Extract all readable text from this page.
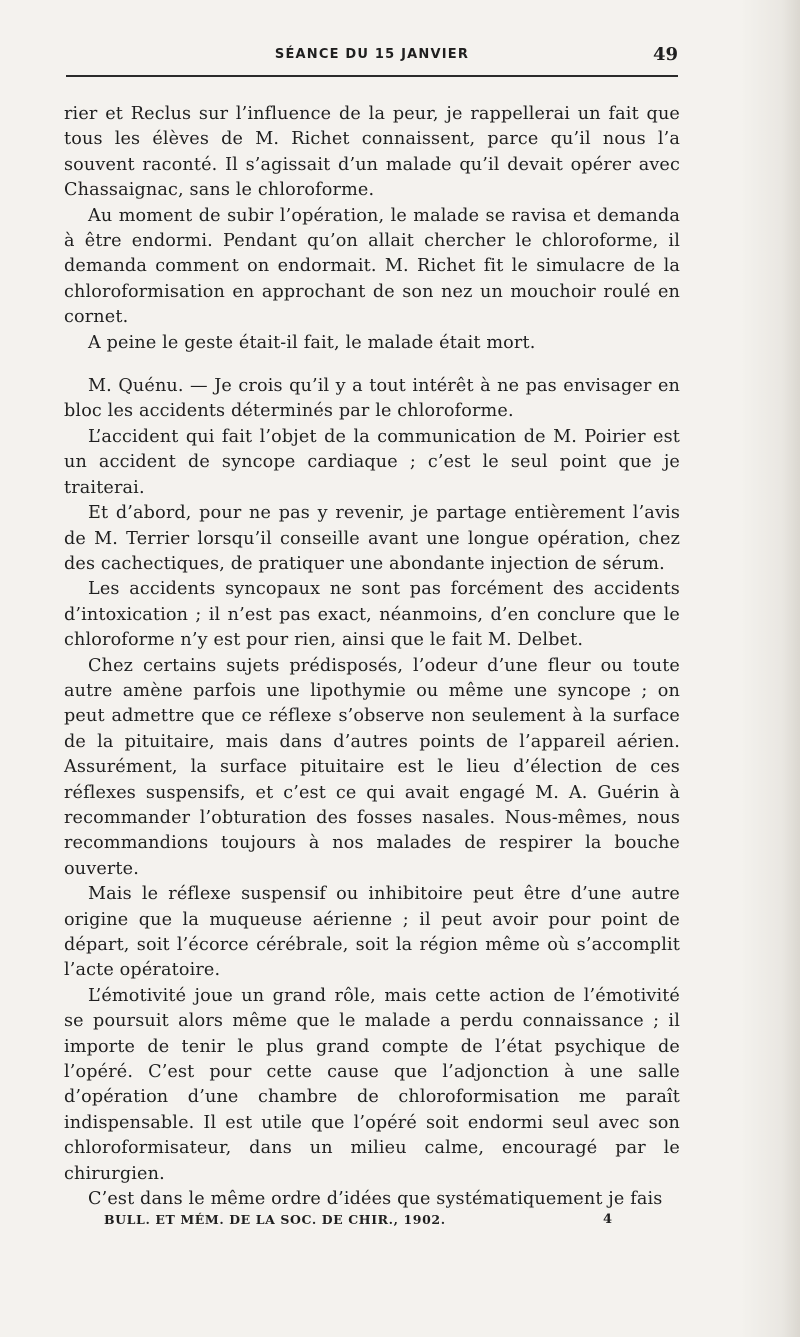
SÉANCE DU 15 JANVIER	49

rier et Reclus sur l’influence de la peur, je rappellerai un fait que tous les élèves de M. Richet connaissent, parce qu’il nous l’a souvent raconté. Il s’agissait d’un malade qu’il devait opérer avec Chassaignac, sans le chloroforme.

Au moment de subir l’opération, le malade se ravisa et demanda à être endormi. Pendant qu’on allait chercher le chloroforme, il demanda comment on endormait. M. Richet fit le simulacre de la chloroformisation en approchant de son nez un mouchoir roulé en cornet.

A peine le geste était-il fait, le malade était mort.

M. Quénu. — Je crois qu’il y a tout intérêt à ne pas envisager en bloc les accidents déterminés par le chloroforme.

L’accident qui fait l’objet de la communication de M. Poirier est un accident de syncope cardiaque ; c’est le seul point que je traiterai.

Et d’abord, pour ne pas y revenir, je partage entièrement l’avis de M. Terrier lorsqu’il conseille avant une longue opération, chez des cachectiques, de pratiquer une abondante injection de sérum.

Les accidents syncopaux ne sont pas forcément des accidents d’intoxication ; il n’est pas exact, néanmoins, d’en conclure que le chloroforme n’y est pour rien, ainsi que le fait M. Delbet.

Chez certains sujets prédisposés, l’odeur d’une fleur ou toute autre amène parfois une lipothymie ou même une syncope ; on peut admettre que ce réflexe s’observe non seulement à la surface de la pituitaire, mais dans d’autres points de l’appareil aérien. Assurément, la surface pituitaire est le lieu d’élection de ces réflexes suspensifs, et c’est ce qui avait engagé M. A. Guérin à recommander l’obturation des fosses nasales. Nous-mêmes, nous recommandions toujours à nos malades de respirer la bouche ouverte.

Mais le réflexe suspensif ou inhibitoire peut être d’une autre origine que la muqueuse aérienne ; il peut avoir pour point de départ, soit l’écorce cérébrale, soit la région même où s’accomplit l’acte opératoire.

L’émotivité joue un grand rôle, mais cette action de l’émotivité se poursuit alors même que le malade a perdu connaissance ; il importe de tenir le plus grand compte de l’état psychique de l’opéré. C’est pour cette cause que l’adjonction à une salle d’opération d’une chambre de chloroformisation me paraît indispensable. Il est utile que l’opéré soit endormi seul avec son chloroformisateur, dans un milieu calme, encouragé par le chirurgien.

C’est dans le même ordre d’idées que systématiquement je fais

BULL. ET MÉM. DE LA SOC. DE CHIR., 1902.	4
